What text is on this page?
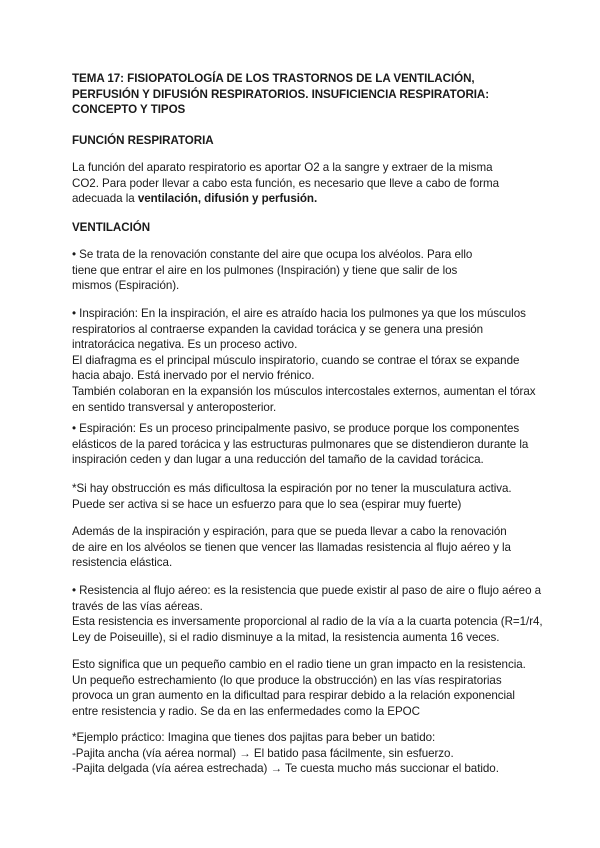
TEMA 17: FISIOPATOLOGÍA DE LOS TRASTORNOS DE LA VENTILACIÓN,
PERFUSIÓN Y DIFUSIÓN RESPIRATORIOS. INSUFICIENCIA RESPIRATORIA:
CONCEPTO Y TIPOS
FUNCIÓN RESPIRATORIA
La función del aparato respiratorio es aportar O2 a la sangre y extraer de la misma
CO2. Para poder llevar a cabo esta función, es necesario que lleve a cabo de forma
adecuada la ventilación, difusión y perfusión.
VENTILACIÓN
• Se trata de la renovación constante del aire que ocupa los alvéolos. Para ello
tiene que entrar el aire en los pulmones (Inspiración) y tiene que salir de los
mismos (Espiración).
• Inspiración: En la inspiración, el aire es atraído hacia los pulmones ya que los músculos
respiratorios al contraerse expanden la cavidad torácica y se genera una presión
intratorácica negativa. Es un proceso activo.
El diafragma es el principal músculo inspiratorio, cuando se contrae el tórax se expande
hacia abajo. Está inervado por el nervio frénico.
También colaboran en la expansión los músculos intercostales externos, aumentan el tórax
en sentido transversal y anteroposterior.
• Espiración: Es un proceso principalmente pasivo, se produce porque los componentes
elásticos de la pared torácica y las estructuras pulmonares que se distendieron durante la
inspiración ceden y dan lugar a una reducción del tamaño de la cavidad torácica.
*Si hay obstrucción es más dificultosa la espiración por no tener la musculatura activa.
Puede ser activa si se hace un esfuerzo para que lo sea (espirar muy fuerte)
Además de la inspiración y espiración, para que se pueda llevar a cabo la renovación
de aire en los alvéolos se tienen que vencer las llamadas resistencia al flujo aéreo y la
resistencia elástica.
• Resistencia al flujo aéreo: es la resistencia que puede existir al paso de aire o flujo aéreo a
través de las vías aéreas.
Esta resistencia es inversamente proporcional al radio de la vía a la cuarta potencia (R=1/r4,
Ley de Poiseuille), si el radio disminuye a la mitad, la resistencia aumenta 16 veces.
Esto significa que un pequeño cambio en el radio tiene un gran impacto en la resistencia.
Un pequeño estrechamiento (lo que produce la obstrucción) en las vías respiratorias
provoca un gran aumento en la dificultad para respirar debido a la relación exponencial
entre resistencia y radio. Se da en las enfermedades como la EPOC
*Ejemplo práctico: Imagina que tienes dos pajitas para beber un batido:
-Pajita ancha (vía aérea normal) → El batido pasa fácilmente, sin esfuerzo.
-Pajita delgada (vía aérea estrechada) → Te cuesta mucho más succionar el batido.
